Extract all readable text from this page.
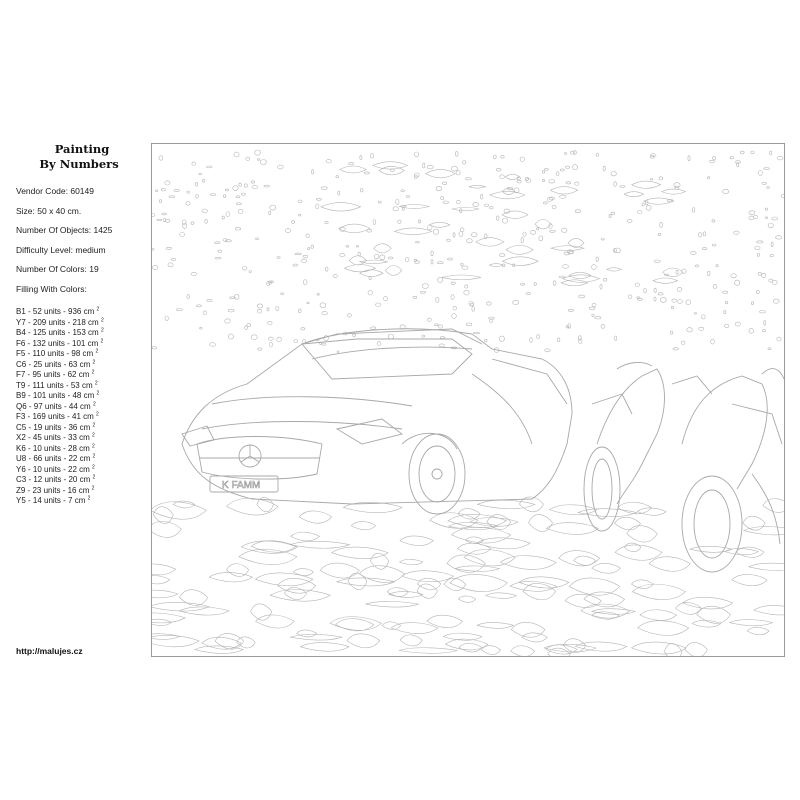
Painting
By Numbers
Vendor Code: 60149
Size: 50 x 40 cm.
Number Of Objects: 1425
Difficulty Level: medium
Number Of Colors: 19
Filling With Colors:
B1 - 52 units - 936 cm $^2$
Y7 - 209 units - 218 cm $^2$
B4 - 125 units - 153 cm $^2$
F6 - 132 units - 101 cm $^2$
F5 - 110 units - 98 cm $^2$
C6 - 25 units - 63 cm $^2$
F7 - 95 units - 62 cm $^2$
T9 - 111 units - 53 cm $^2$
B9 - 101 units - 48 cm $^2$
Q6 - 97 units - 44 cm $^2$
F3 - 169 units - 41 cm $^2$
C5 - 19 units - 36 cm $^2$
X2 - 45 units - 33 cm $^2$
K6 - 10 units - 28 cm $^2$
U8 - 66 units - 22 cm $^2$
Y6 - 10 units - 22 cm $^2$
C3 - 12 units - 20 cm $^2$
Z9 - 23 units - 16 cm $^2$
Y5 - 14 units - 7 cm $^2$
http://malujes.cz
K FAMM
